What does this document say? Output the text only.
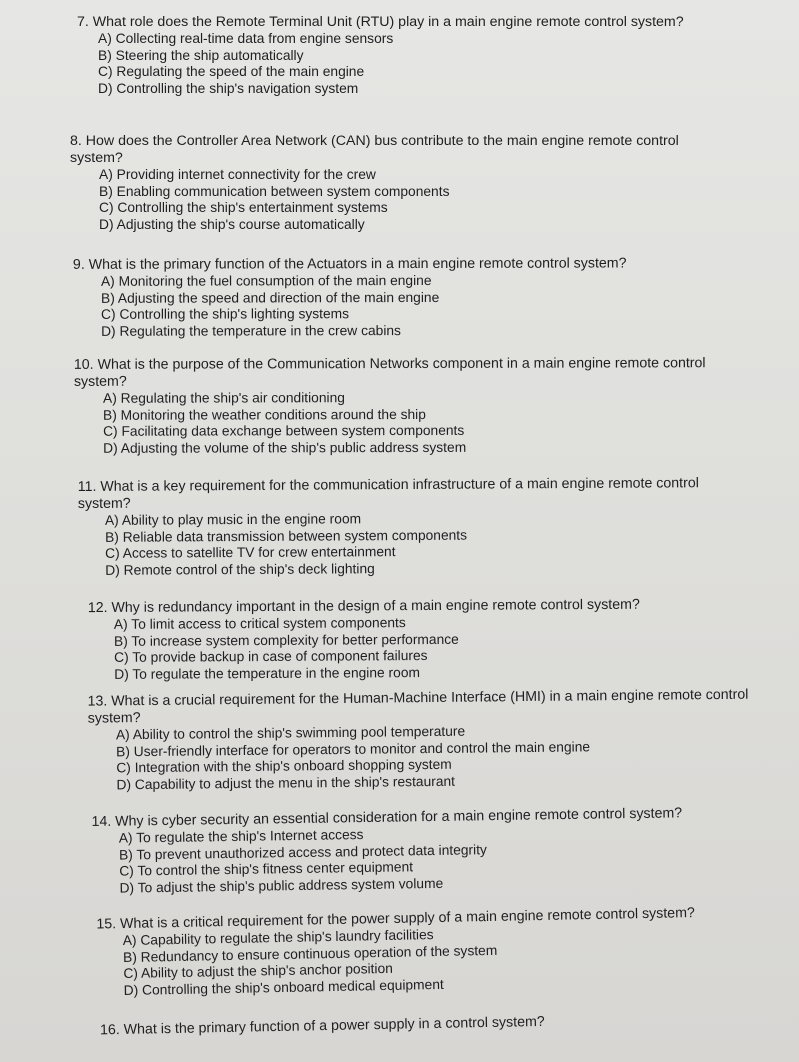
7. What role does the Remote Terminal Unit (RTU) play in a main engine remote control system?

A) Collecting real-time data from engine sensors
B) Steering the ship automatically
C) Regulating the speed of the main engine
D) Controlling the ship's navigation system

8. How does the Controller Area Network (CAN) bus contribute to the main engine remote control system?

A) Providing internet connectivity for the crew
B) Enabling communication between system components
C) Controlling the ship's entertainment systems
D) Adjusting the ship's course automatically

9. What is the primary function of the Actuators in a main engine remote control system?

A) Monitoring the fuel consumption of the main engine
B) Adjusting the speed and direction of the main engine
C) Controlling the ship's lighting systems
D) Regulating the temperature in the crew cabins

10. What is the purpose of the Communication Networks component in a main engine remote control system?

A) Regulating the ship's air conditioning
B) Monitoring the weather conditions around the ship
C) Facilitating data exchange between system components
D) Adjusting the volume of the ship's public address system

11. What is a key requirement for the communication infrastructure of a main engine remote control system?

A) Ability to play music in the engine room
B) Reliable data transmission between system components
C) Access to satellite TV for crew entertainment
D) Remote control of the ship's deck lighting

12. Why is redundancy important in the design of a main engine remote control system?

A) To limit access to critical system components
B) To increase system complexity for better performance
C) To provide backup in case of component failures
D) To regulate the temperature in the engine room

13. What is a crucial requirement for the Human-Machine Interface (HMI) in a main engine remote control system?

A) Ability to control the ship's swimming pool temperature
B) User-friendly interface for operators to monitor and control the main engine
C) Integration with the ship's onboard shopping system
D) Capability to adjust the menu in the ship's restaurant

14. Why is cyber security an essential consideration for a main engine remote control system?

A) To regulate the ship's Internet access
B) To prevent unauthorized access and protect data integrity
C) To control the ship's fitness center equipment
D) To adjust the ship's public address system volume

15. What is a critical requirement for the power supply of a main engine remote control system?

A) Capability to regulate the ship's laundry facilities
B) Redundancy to ensure continuous operation of the system
C) Ability to adjust the ship's anchor position
D) Controlling the ship's onboard medical equipment

16. What is the primary function of a power supply in a control system?
